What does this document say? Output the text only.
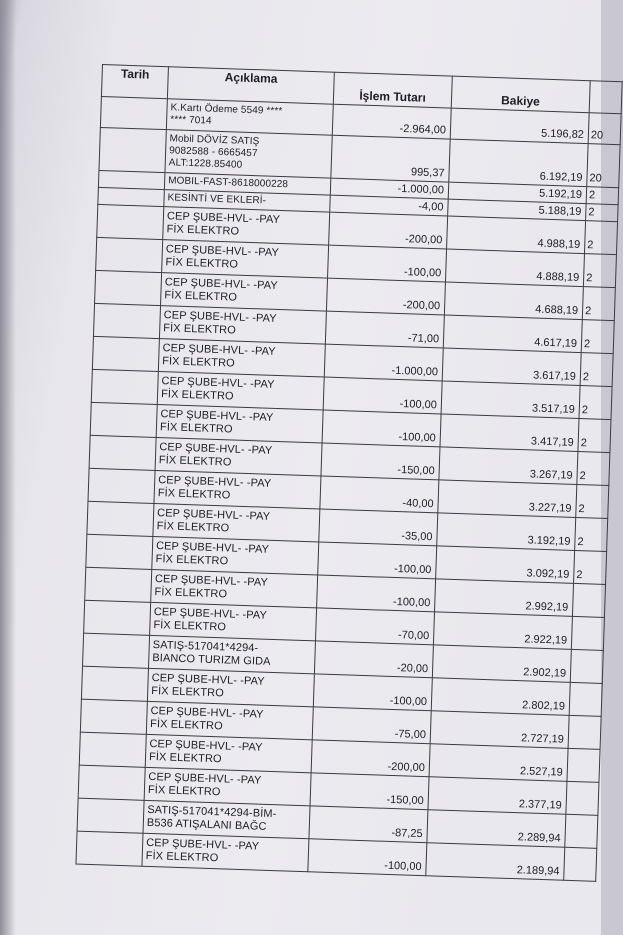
Tarih	Açıklama	İşlem Tutarı	Bakiye	
	K.Kartı Ödeme 5549 ****
**** 7014	-2.964,00	5.196,82	20
	Mobil DÖVİZ SATIŞ
9082588 - 6665457
ALT:1228.85400	995,37	6.192,19	20
	MOBIL-FAST-8618000228	-1.000,00	5.192,19	2
	KESİNTİ VE EKLERİ-	-4,00	5.188,19	2
	CEP ŞUBE-HVL- -PAY
FİX ELEKTRO	-200,00	4.988,19	2
	CEP ŞUBE-HVL- -PAY
FİX ELEKTRO	-100,00	4.888,19	2
	CEP ŞUBE-HVL- -PAY
FİX ELEKTRO	-200,00	4.688,19	2
	CEP ŞUBE-HVL- -PAY
FİX ELEKTRO	-71,00	4.617,19	2
	CEP ŞUBE-HVL- -PAY
FİX ELEKTRO	-1.000,00	3.617,19	2
	CEP ŞUBE-HVL- -PAY
FİX ELEKTRO	-100,00	3.517,19	2
	CEP ŞUBE-HVL- -PAY
FİX ELEKTRO	-100,00	3.417,19	2
	CEP ŞUBE-HVL- -PAY
FİX ELEKTRO	-150,00	3.267,19	2
	CEP ŞUBE-HVL- -PAY
FİX ELEKTRO	-40,00	3.227,19	2
	CEP ŞUBE-HVL- -PAY
FİX ELEKTRO	-35,00	3.192,19	2
	CEP ŞUBE-HVL- -PAY
FİX ELEKTRO	-100,00	3.092,19	2
	CEP ŞUBE-HVL- -PAY
FİX ELEKTRO	-100,00	2.992,19	
	CEP ŞUBE-HVL- -PAY
FİX ELEKTRO	-70,00	2.922,19	
	SATIŞ-517041*4294-
BIANCO TURIZM GIDA	-20,00	2.902,19	
	CEP ŞUBE-HVL- -PAY
FİX ELEKTRO	-100,00	2.802,19	
	CEP ŞUBE-HVL- -PAY
FİX ELEKTRO	-75,00	2.727,19	
	CEP ŞUBE-HVL- -PAY
FİX ELEKTRO	-200,00	2.527,19	
	CEP ŞUBE-HVL- -PAY
FİX ELEKTRO	-150,00	2.377,19	
	SATIŞ-517041*4294-BİM-
B536 ATIŞALANI BAĞC	-87,25	2.289,94	
	CEP ŞUBE-HVL- -PAY
FİX ELEKTRO	-100,00	2.189,94	
